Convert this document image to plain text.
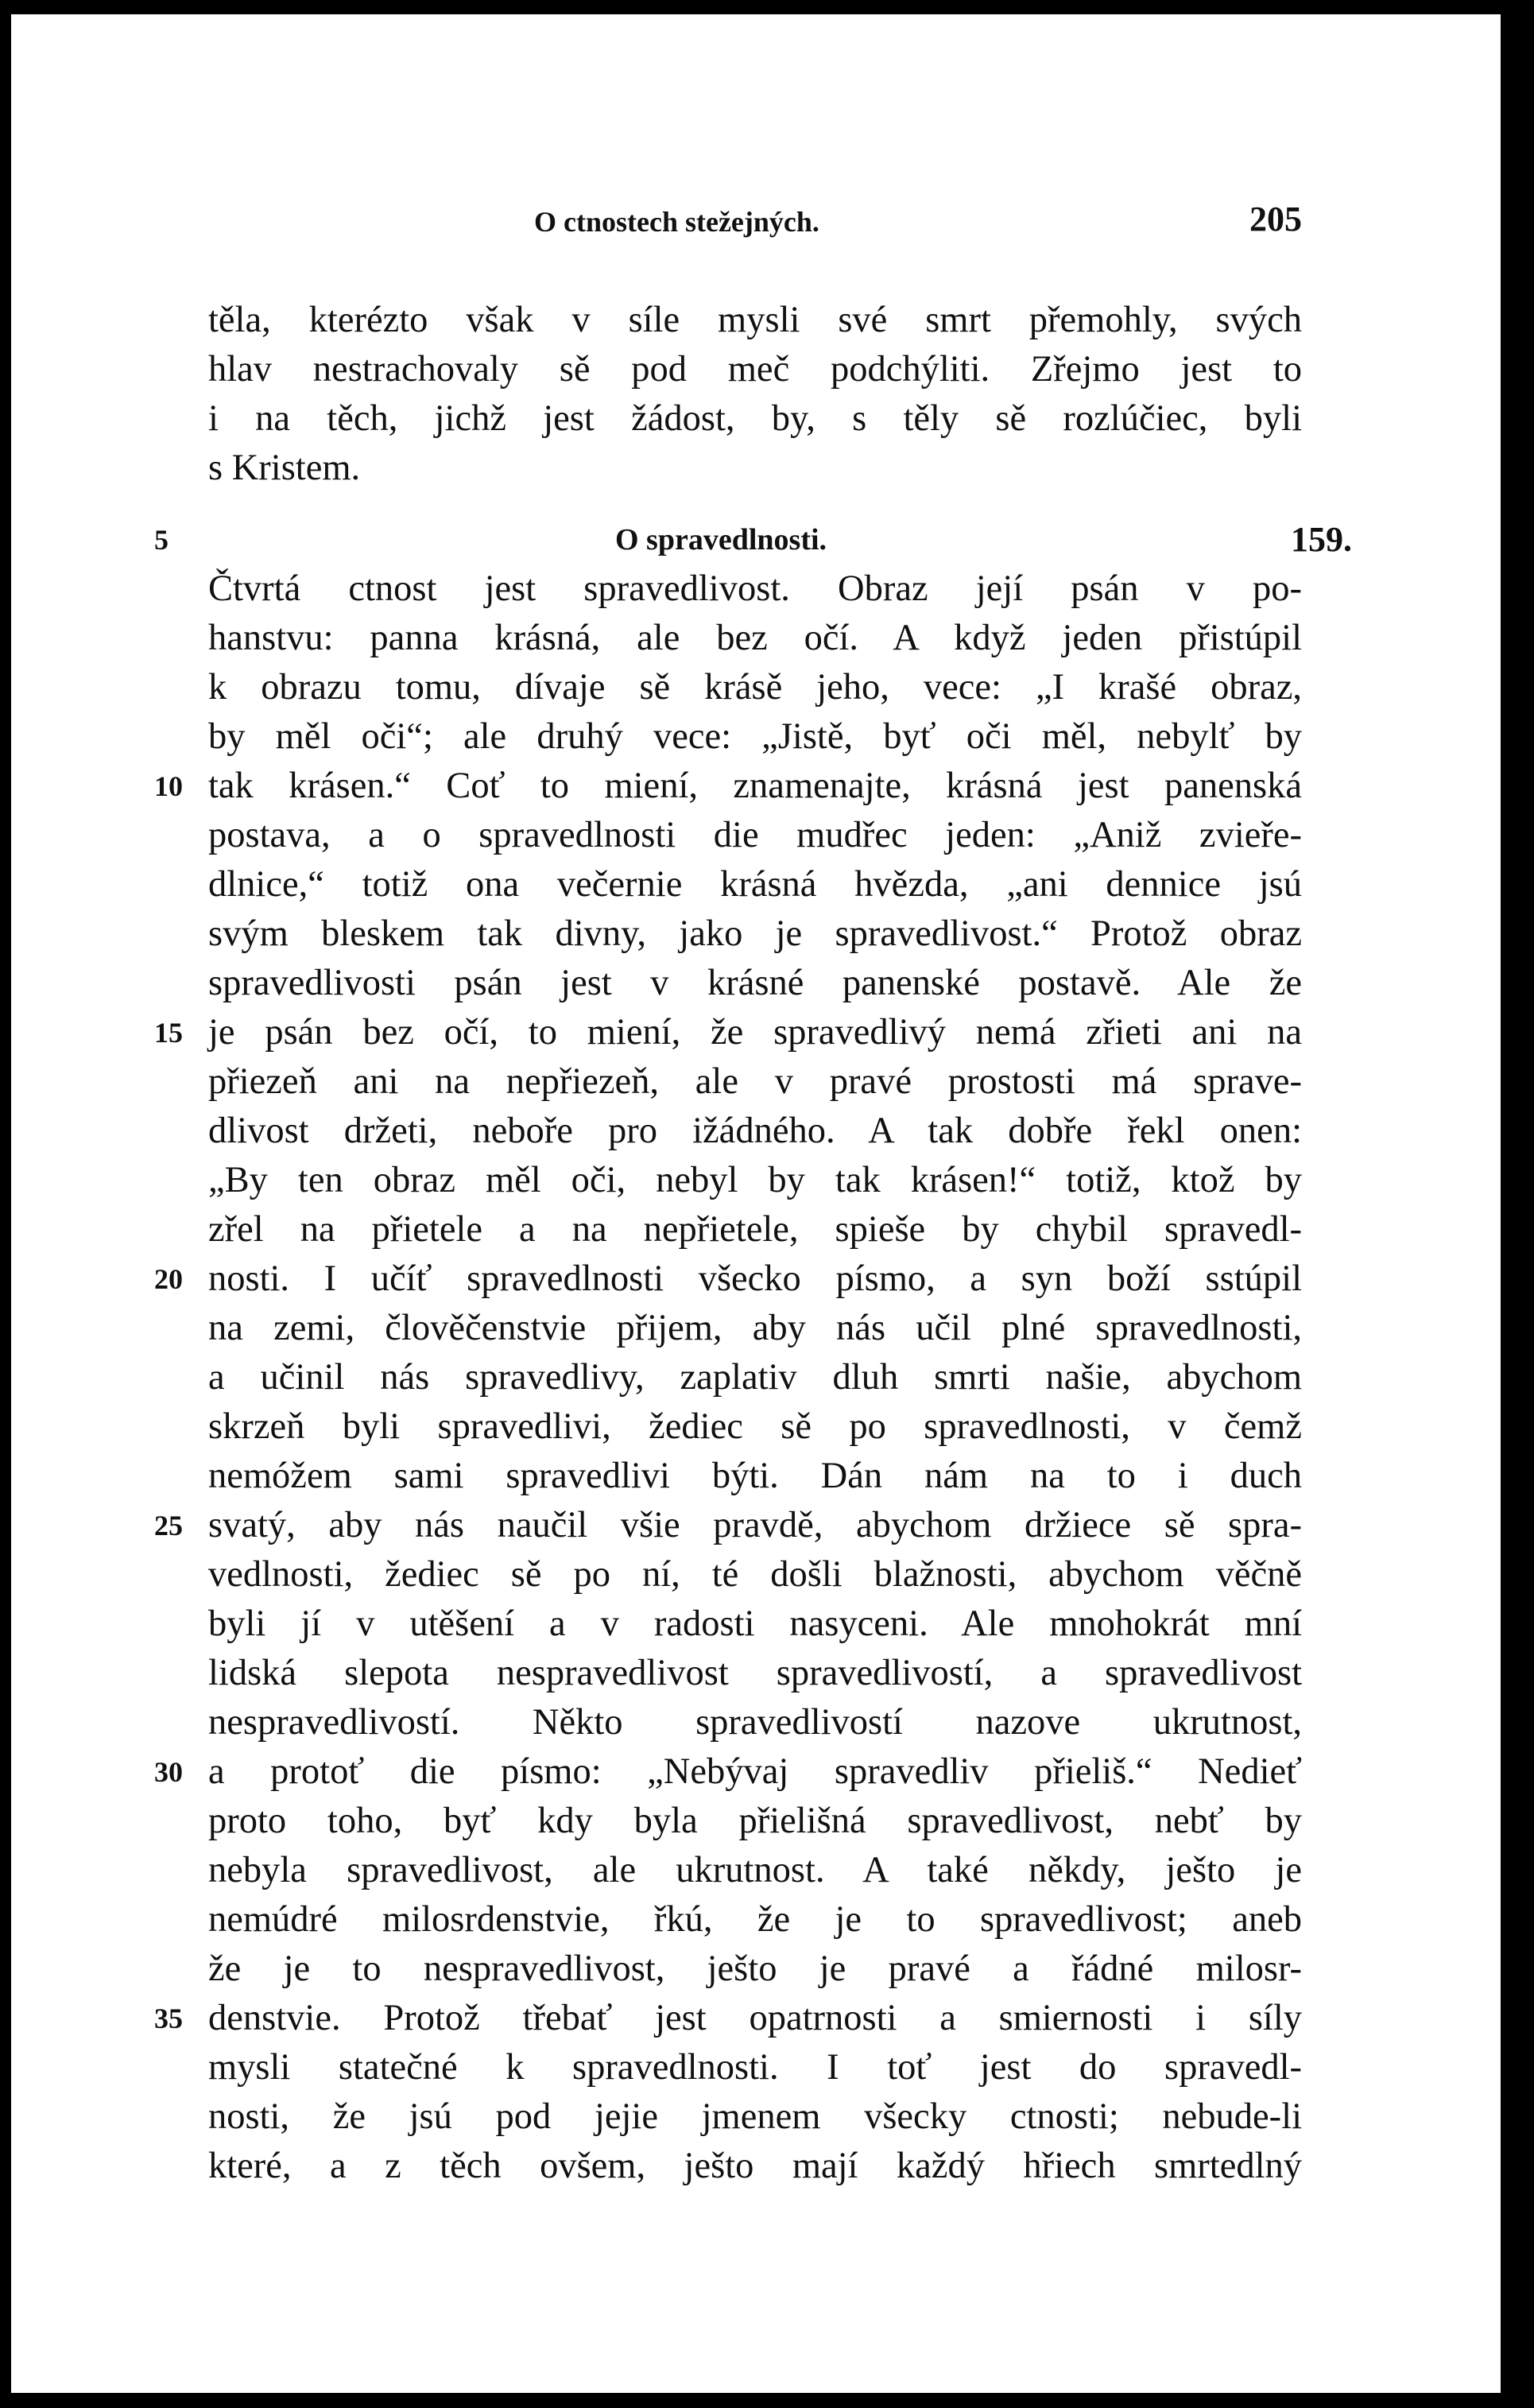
O ctnostech stežejných.	205
5	O spravedlnosti.	159.
těla, kterézto však v síle mysli své smrt přemohly, svých
hlav nestrachovaly sě pod meč podchýliti. Zřejmo jest to
i na těch, jichž jest žádost, by, s těly sě rozlúčiec, byli
s Kristem.
Čtvrtá ctnost jest spravedlivost. Obraz její psán v po-
hanstvu: panna krásná, ale bez očí. A když jeden přistúpil
k obrazu tomu, dívaje sě krásě jeho, vece: „I krašé obraz,
by měl oči“; ale druhý vece: „Jistě, byť oči měl, nebylť by
10 tak krásen.“ Coť to miení, znamenajte, krásná jest panenská
postava, a o spravedlnosti die mudřec jeden: „Aniž zvieře-
dlnice,“ totiž ona večernie krásná hvězda, „ani dennice jsú
svým bleskem tak divny, jako je spravedlivost.“ Protož obraz
spravedlivosti psán jest v krásné panenské postavě. Ale že
15 je psán bez očí, to miení, že spravedlivý nemá zřieti ani na
přiezeň ani na nepřiezeň, ale v pravé prostosti má sprave-
dlivost držeti, neboře pro ižádného. A tak dobře řekl onen:
„By ten obraz měl oči, nebyl by tak krásen!“ totiž, ktož by
zřel na přietele a na nepřietele, spieše by chybil spravedl-
20 nosti. I učíť spravedlnosti všecko písmo, a syn boží sstúpil
na zemi, člověčenstvie přijem, aby nás učil plné spravedlnosti,
a učinil nás spravedlivy, zaplativ dluh smrti našie, abychom
skrzeň byli spravedlivi, žediec sě po spravedlnosti, v čemž
nemóžem sami spravedlivi býti. Dán nám na to i duch
25 svatý, aby nás naučil všie pravdě, abychom držiece sě spra-
vedlnosti, žediec sě po ní, té došli blažnosti, abychom věčně
byli jí v utěšení a v radosti nasyceni. Ale mnohokrát mní
lidská slepota nespravedlivost spravedlivostí, a spravedlivost
nespravedlivostí. Někto spravedlivostí nazove ukrutnost,
30 a protoť die písmo: „Nebývaj spravedliv přieliš.“ Nedieť
proto toho, byť kdy byla přielišná spravedlivost, nebť by
nebyla spravedlivost, ale ukrutnost. A také někdy, ješto je
nemúdré milosrdenstvie, řkú, že je to spravedlivost; aneb
že je to nespravedlivost, ješto je pravé a řádné milosr-
35 denstvie. Protož třebať jest opatrnosti a smiernosti i síly
mysli statečné k spravedlnosti. I toť jest do spravedl-
nosti, že jsú pod jejie jmenem všecky ctnosti; nebude-li
které, a z těch ovšem, ješto mají každý hřiech smrtedlný
